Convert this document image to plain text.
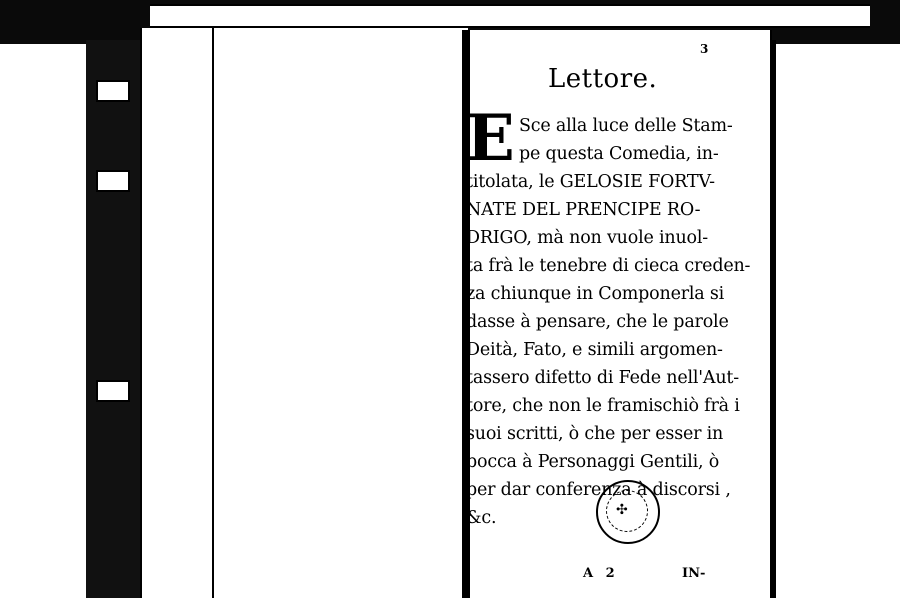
3
Lettore.
E Sce alla luce delle Stam-
pe questa Comedia, in-
titolata, le GELOSIE FORTV-
NATE DEL PRENCIPE RO-
DRIGO, mà non vuole inuol-
ta frà le tenebre di cieca creden-
za chiunque in Componerla si
dasse à pensare, che le parole
Deità, Fato, e simili argomen-
tassero difetto di Fede nell'Aut-
tore, che non le framischiò frà i
suoi scritti, ò che per esser in
bocca à Personaggi Gentili, ò
per dar conferenza à discorsi ,
&c.	✣
A 2	IN-
